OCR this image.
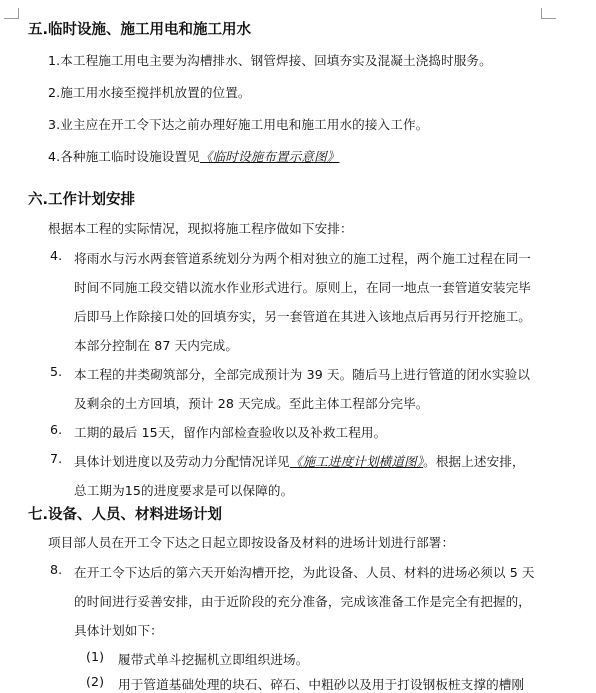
五.临时设施、施工用电和施工用水
1.本工程施工用电主要为沟槽排水、钢管焊接、回填夯实及混凝土浇捣时服务。
2.施工用水接至搅拌机放置的位置。
3.业主应在开工令下达之前办理好施工用电和施工用水的接入工作。
4.各种施工临时设施设置见《临时设施布置示意图》
六.工作计划安排
根据本工程的实际情况，现拟将施工程序做如下安排：
4. 将雨水与污水两套管道系统划分为两个相对独立的施工过程，两个施工过程在同一
时间不同施工段交错以流水作业形式进行。原则上，在同一地点一套管道安装完毕
后即马上作除接口处的回填夯实，另一套管道在其进入该地点后再另行开挖施工。
本部分控制在 87 天内完成。
5. 本工程的井类砌筑部分，全部完成预计为 39 天。随后马上进行管道的闭水实验以
及剩余的土方回填，预计 28 天完成。至此主体工程部分完毕。
6. 工期的最后 15天，留作内部检查验收以及补救工程用。
7. 具体计划进度以及劳动力分配情况详见《施工进度计划横道图》。根据上述安排，
总工期为15的进度要求是可以保障的。
七.设备、人员、材料进场计划
项目部人员在开工令下达之日起立即按设备及材料的进场计划进行部署：
8. 在开工令下达后的第六天开始沟槽开挖，为此设备、人员、材料的进场必须以 5 天
的时间进行妥善安排，由于近阶段的充分准备，完成该准备工作是完全有把握的，
具体计划如下：
(1) 履带式单斗挖掘机立即组织进场。
(2) 用于管道基础处理的块石、碎石、中粗砂以及用于打设钢板桩支撑的槽刚
